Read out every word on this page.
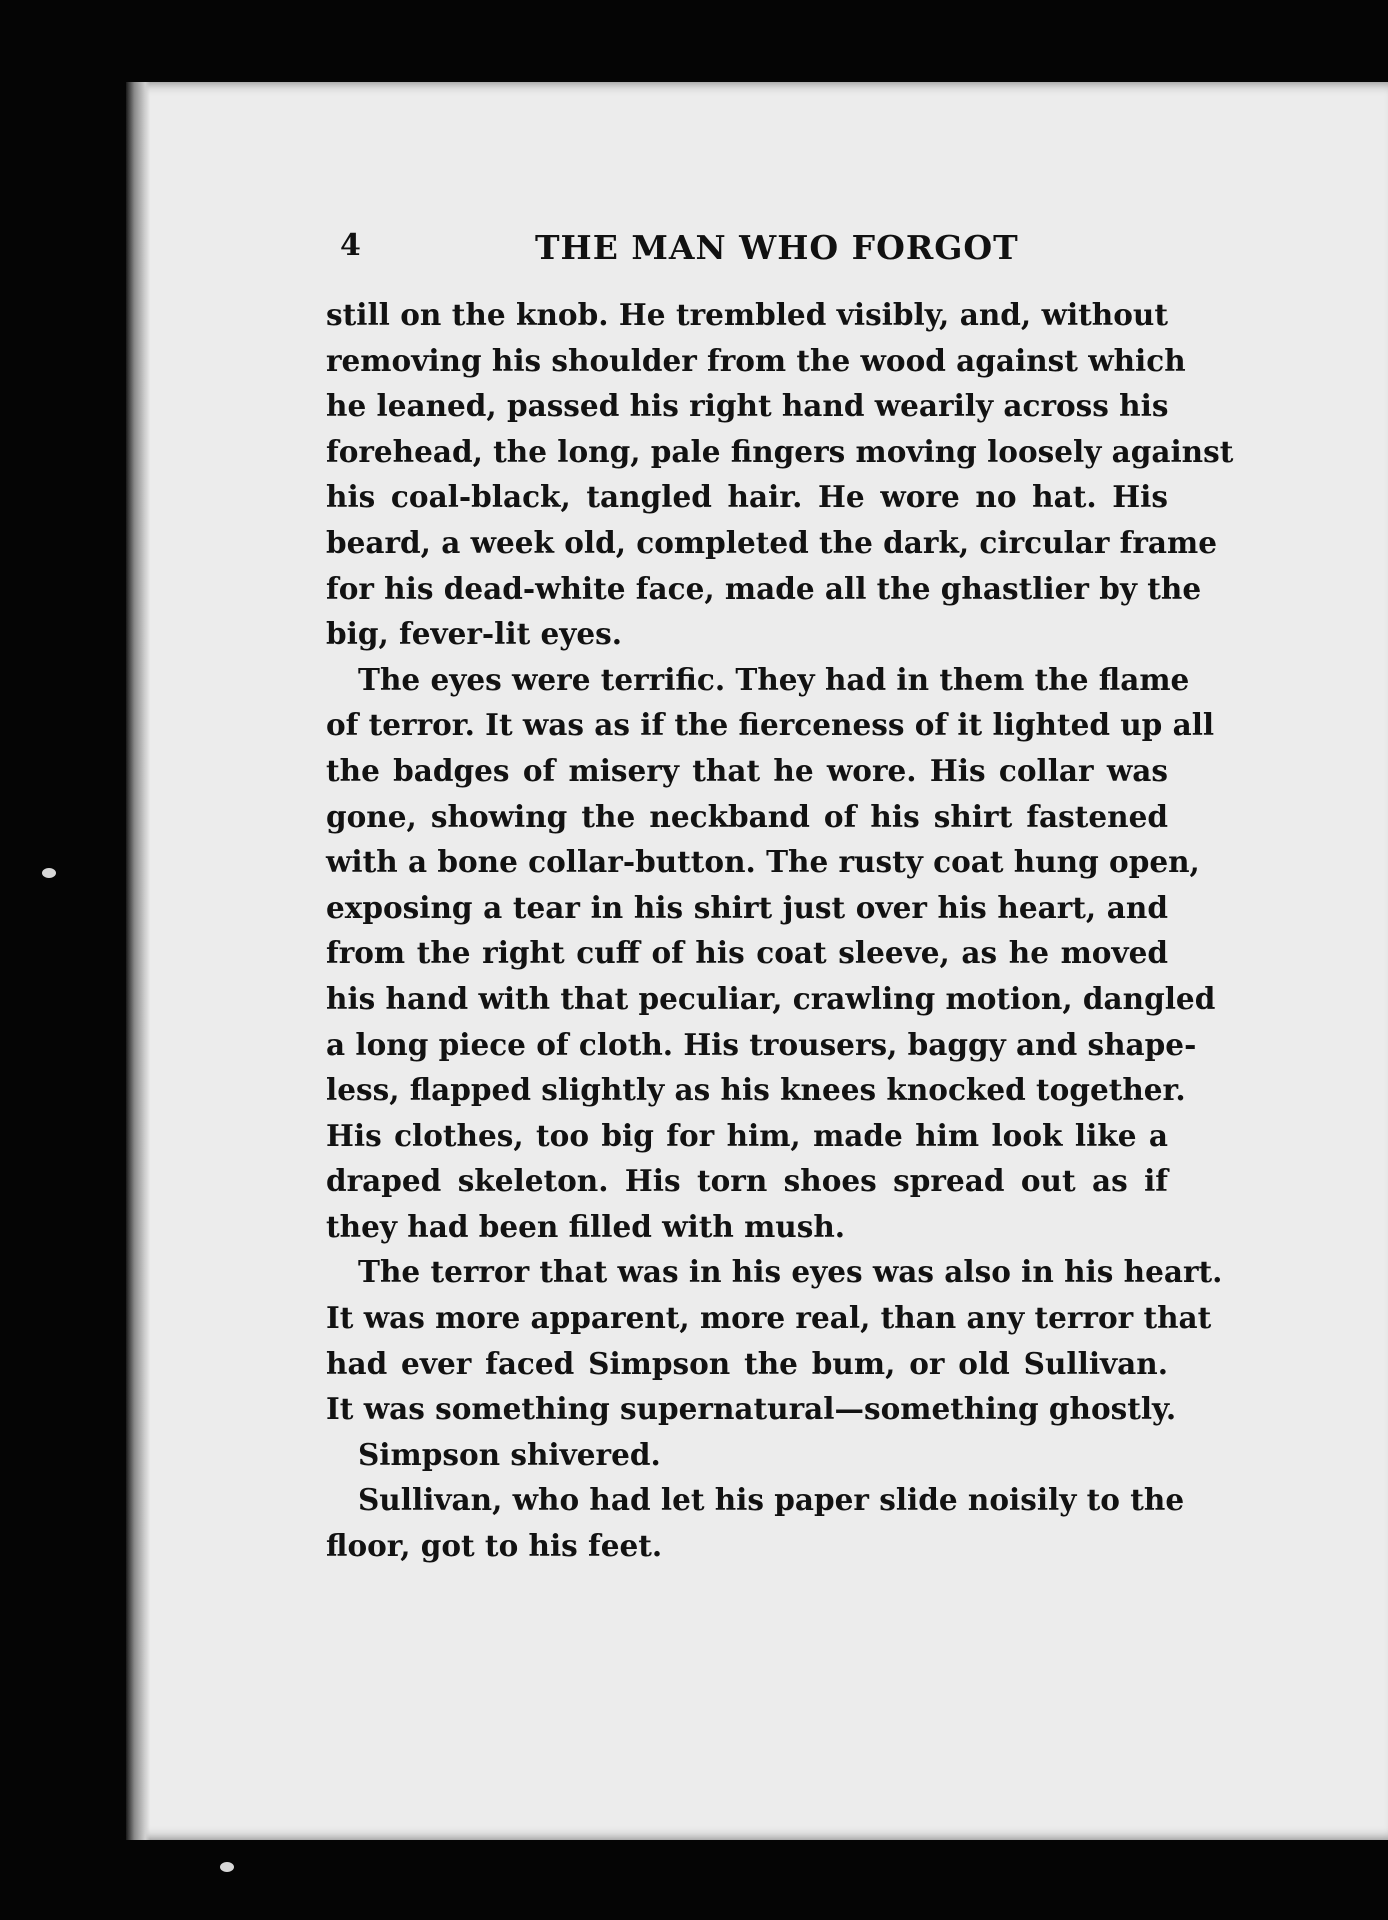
4	THE MAN WHO FORGOT
still on the knob. He trembled visibly, and, without
removing his shoulder from the wood against which
he leaned, passed his right hand wearily across his
forehead, the long, pale fingers moving loosely against
his coal-black, tangled hair. He wore no hat. His
beard, a week old, completed the dark, circular frame
for his dead-white face, made all the ghastlier by the
big, fever-lit eyes.
The eyes were terrific. They had in them the flame
of terror. It was as if the fierceness of it lighted up all
the badges of misery that he wore. His collar was
gone, showing the neckband of his shirt fastened
with a bone collar-button. The rusty coat hung open,
exposing a tear in his shirt just over his heart, and
from the right cuff of his coat sleeve, as he moved
his hand with that peculiar, crawling motion, dangled
a long piece of cloth. His trousers, baggy and shape-
less, flapped slightly as his knees knocked together.
His clothes, too big for him, made him look like a
draped skeleton. His torn shoes spread out as if
they had been filled with mush.
The terror that was in his eyes was also in his heart.
It was more apparent, more real, than any terror that
had ever faced Simpson the bum, or old Sullivan.
It was something supernatural—something ghostly.
Simpson shivered.
Sullivan, who had let his paper slide noisily to the
floor, got to his feet.
